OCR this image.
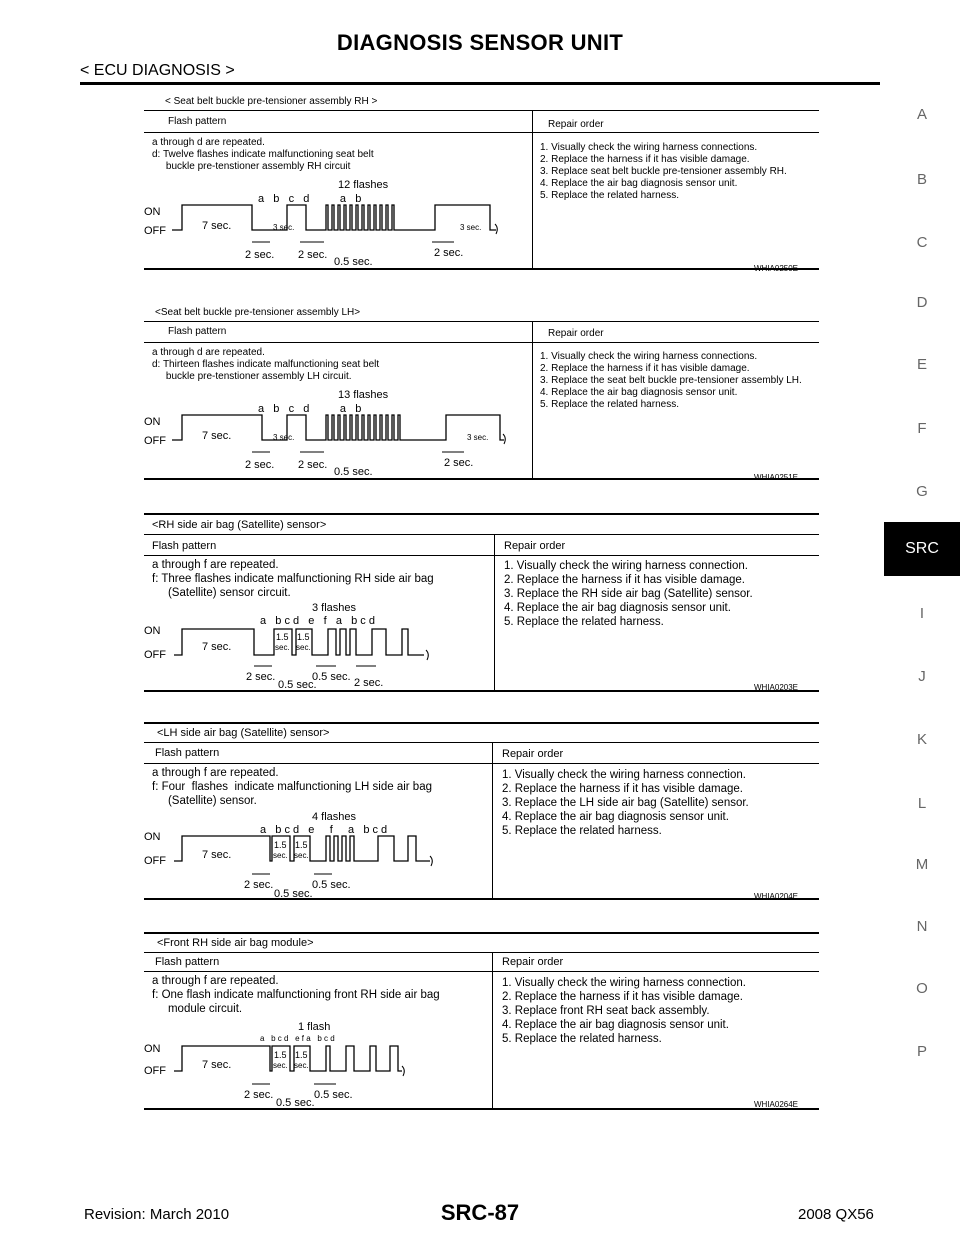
DIAGNOSIS SENSOR UNIT
< ECU DIAGNOSIS >
A
B
C
D
E
F
G
SRC
I
J
K
L
M
N
O
P
< Seat belt buckle pre-tensioner assembly RH >
Flash pattern	Repair order
a through d are repeated.
d: Twelve flashes indicate malfunctioning seat belt
buckle pre-tenstioner assembly RH circuit
1. Visually check the wiring harness connections.
2. Replace the harness if it has visible damage.
3. Replace seat belt buckle pre-tensioner assembly RH.
4. Replace the air bag diagnosis sensor unit.
5. Replace the related harness.
WHIA0250E
12 flashes
a   b   c   d          a   b
ON
OFF	7 sec.	3 sec.	3 sec.
2 sec. 2 sec.
0.5 sec.
2 sec.
<Seat belt buckle pre-tensioner assembly LH>
Flash pattern	Repair order
a through d are repeated.
d: Thirteen flashes indicate malfunctioning seat belt
buckle pre-tenstioner assembly LH circuit.
1. Visually check the wiring harness connections.
2. Replace the harness if it has visible damage.
3. Replace the seat belt buckle pre-tensioner assembly LH.
4. Replace the air bag diagnosis sensor unit.
5. Replace the related harness.
WHIA0251E
13 flashes
a   b   c   d          a   b
ON
OFF	7 sec.	3 sec.	3 sec.
2 sec. 2 sec.
0.5 sec.
2 sec.
<RH side air bag (Satellite) sensor>
Flash pattern	Repair order
a through f are repeated.
f: Three flashes indicate malfunctioning RH side air bag
(Satellite) sensor circuit.
1. Visually check the wiring harness connection.
2. Replace the harness if it has visible damage.
3. Replace the RH side air bag (Satellite) sensor.
4. Replace the air bag diagnosis sensor unit.
5. Replace the related harness.
WHIA0203E
3 flashes
a   b c d   e   f   a   b c d
ON
OFF
7 sec.
1.5
sec.
1.5
sec.
2 sec.
0.5 sec.
0.5 sec. 2 sec.
<LH side air bag (Satellite) sensor>
Flash pattern	Repair order
a through f are repeated.
f: Four  flashes  indicate malfunctioning LH side air bag
(Satellite) sensor.
1. Visually check the wiring harness connection.
2. Replace the harness if it has visible damage.
3. Replace the LH side air bag (Satellite) sensor.
4. Replace the air bag diagnosis sensor unit.
5. Replace the related harness.
WHIA0204E
4 flashes
a   b c d   e     f     a   b c d
ON
OFF	7 sec.
1.5
sec.
1.5
sec.
2 sec.
0.5 sec.
0.5 sec.
<Front RH side air bag module>
Flash pattern	Repair order
a through f are repeated.
f: One flash indicate malfunctioning front RH side air bag
module circuit.
1. Visually check the wiring harness connection.
2. Replace the harness if it has visible damage.
3. Replace front RH seat back assembly.
4. Replace the air bag diagnosis sensor unit.
5. Replace the related harness.
WHIA0264E
1 flash
a   b c d   e f a   b c d
ON
OFF	7 sec.
1.5
sec.
1.5
sec.
2 sec.
0.5 sec.
0.5 sec.
Revision: March 2010	SRC-87	2008 QX56
